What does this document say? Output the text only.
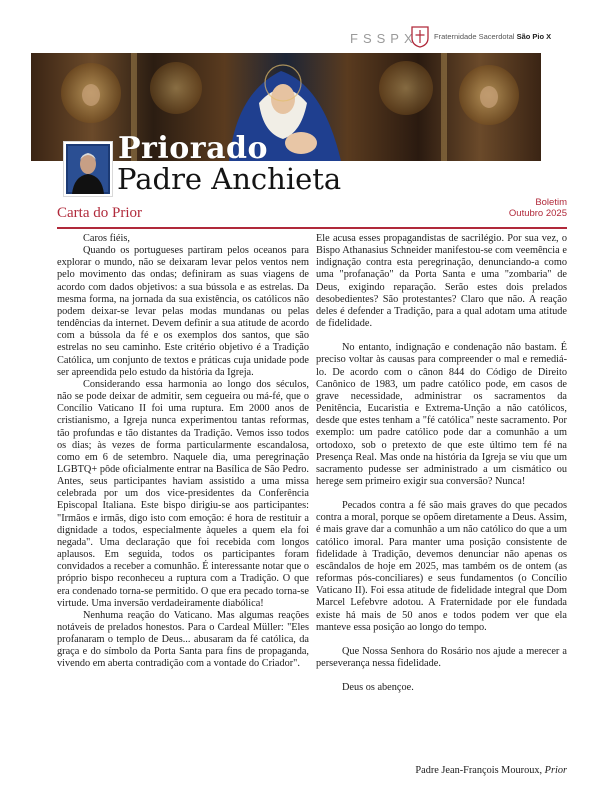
FSSPX Fraternidade Sacerdotal São Pio X
Priorado
Padre Anchieta
Carta do Prior
Boletim
Outubro 2025

Caros fiéis,

Quando os portugueses partiram pelos oceanos para explorar o mundo, não se deixaram levar pelos ventos nem pelo movimento das ondas; definiram as suas viagens de acordo com dados objetivos: a sua bússola e as estrelas. Da mesma forma, na jornada da sua existência, os católicos não podem deixar-se levar pelas modas mundanas ou pelas tendências da internet. Devem definir a sua atitude de acordo com a bússola da fé e os exemplos dos santos, que são estrelas no seu caminho. Este critério objetivo é a Tradição Católica, um conjunto de textos e práticas cuja unidade pode ser apreendida pelo estudo da história da Igreja.

Considerando essa harmonia ao longo dos séculos, não se pode deixar de admitir, sem cegueira ou má-fé, que o Concílio Vaticano II foi uma ruptura. Em 2000 anos de cristianismo, a Igreja nunca experimentou tantas reformas, tão profundas e tão distantes da Tradição. Vemos isso todos os dias; às vezes de forma particularmente escandalosa, como em 6 de setembro. Naquele dia, uma peregrinação LGBTQ+ pôde oficialmente entrar na Basílica de São Pedro. Antes, seus participantes haviam assistido a uma missa celebrada por um dos vice-presidentes da Conferência Episcopal Italiana. Este bispo dirigiu-se aos participantes: "Irmãos e irmãs, digo isto com emoção: é hora de restituir a dignidade a todos, especialmente àqueles a quem ela foi negada". Uma declaração que foi recebida com longos aplausos. Em seguida, todos os participantes foram convidados a receber a comunhão. É interessante notar que o próprio bispo reconheceu a ruptura com a Tradição. O que era condenado torna-se permitido. O que era pecado torna-se virtude. Uma inversão verdadeiramente diabólica!

Nenhuma reação do Vaticano. Mas algumas reações notáveis de prelados honestos. Para o Cardeal Müller: "Eles profanaram o templo de Deus... abusaram da fé católica, da graça e do símbolo da Porta Santa para fins de propaganda, vivendo em aberta contradição com a vontade do Criador".

Ele acusa esses propagandistas de sacrilégio. Por sua vez, o Bispo Athanasius Schneider manifestou-se com veemência e indignação contra esta peregrinação, denunciando-a como uma "profanação" da Porta Santa e uma "zombaria" de Deus, exigindo reparação. Serão estes dois prelados desobedientes? São protestantes? Claro que não. A reação deles é defender a Tradição, para a qual adotam uma atitude de fidelidade.

No entanto, indignação e condenação não bastam. É preciso voltar às causas para compreender o mal e remediá-lo. De acordo com o cânon 844 do Código de Direito Canônico de 1983, um padre católico pode, em casos de grave necessidade, administrar os sacramentos da Penitência, Eucaristia e Extrema-Unção a não católicos, desde que estes tenham a "fé católica" neste sacramento. Por exemplo: um padre católico pode dar a comunhão a um ortodoxo, sob o pretexto de que este último tem fé na Presença Real. Mas onde na história da Igreja se viu que um sacramento pudesse ser administrado a um cismático ou herege sem primeiro exigir sua conversão? Nunca!

Pecados contra a fé são mais graves do que pecados contra a moral, porque se opõem diretamente a Deus. Assim, é mais grave dar a comunhão a um não católico do que a um católico imoral. Para manter uma posição consistente de fidelidade à Tradição, devemos denunciar não apenas os escândalos de hoje em 2025, mas também os de ontem (as reformas pós-conciliares) e seus fundamentos (o Concílio Vaticano II). Foi essa atitude de fidelidade integral que Dom Marcel Lefebvre adotou. A Fraternidade por ele fundada existe há mais de 50 anos e todos podem ver que ela manteve essa posição ao longo do tempo.

Que Nossa Senhora do Rosário nos ajude a merecer a perseverança nessa fidelidade.

Deus os abençoe.

Padre Jean-François Mouroux, Prior
